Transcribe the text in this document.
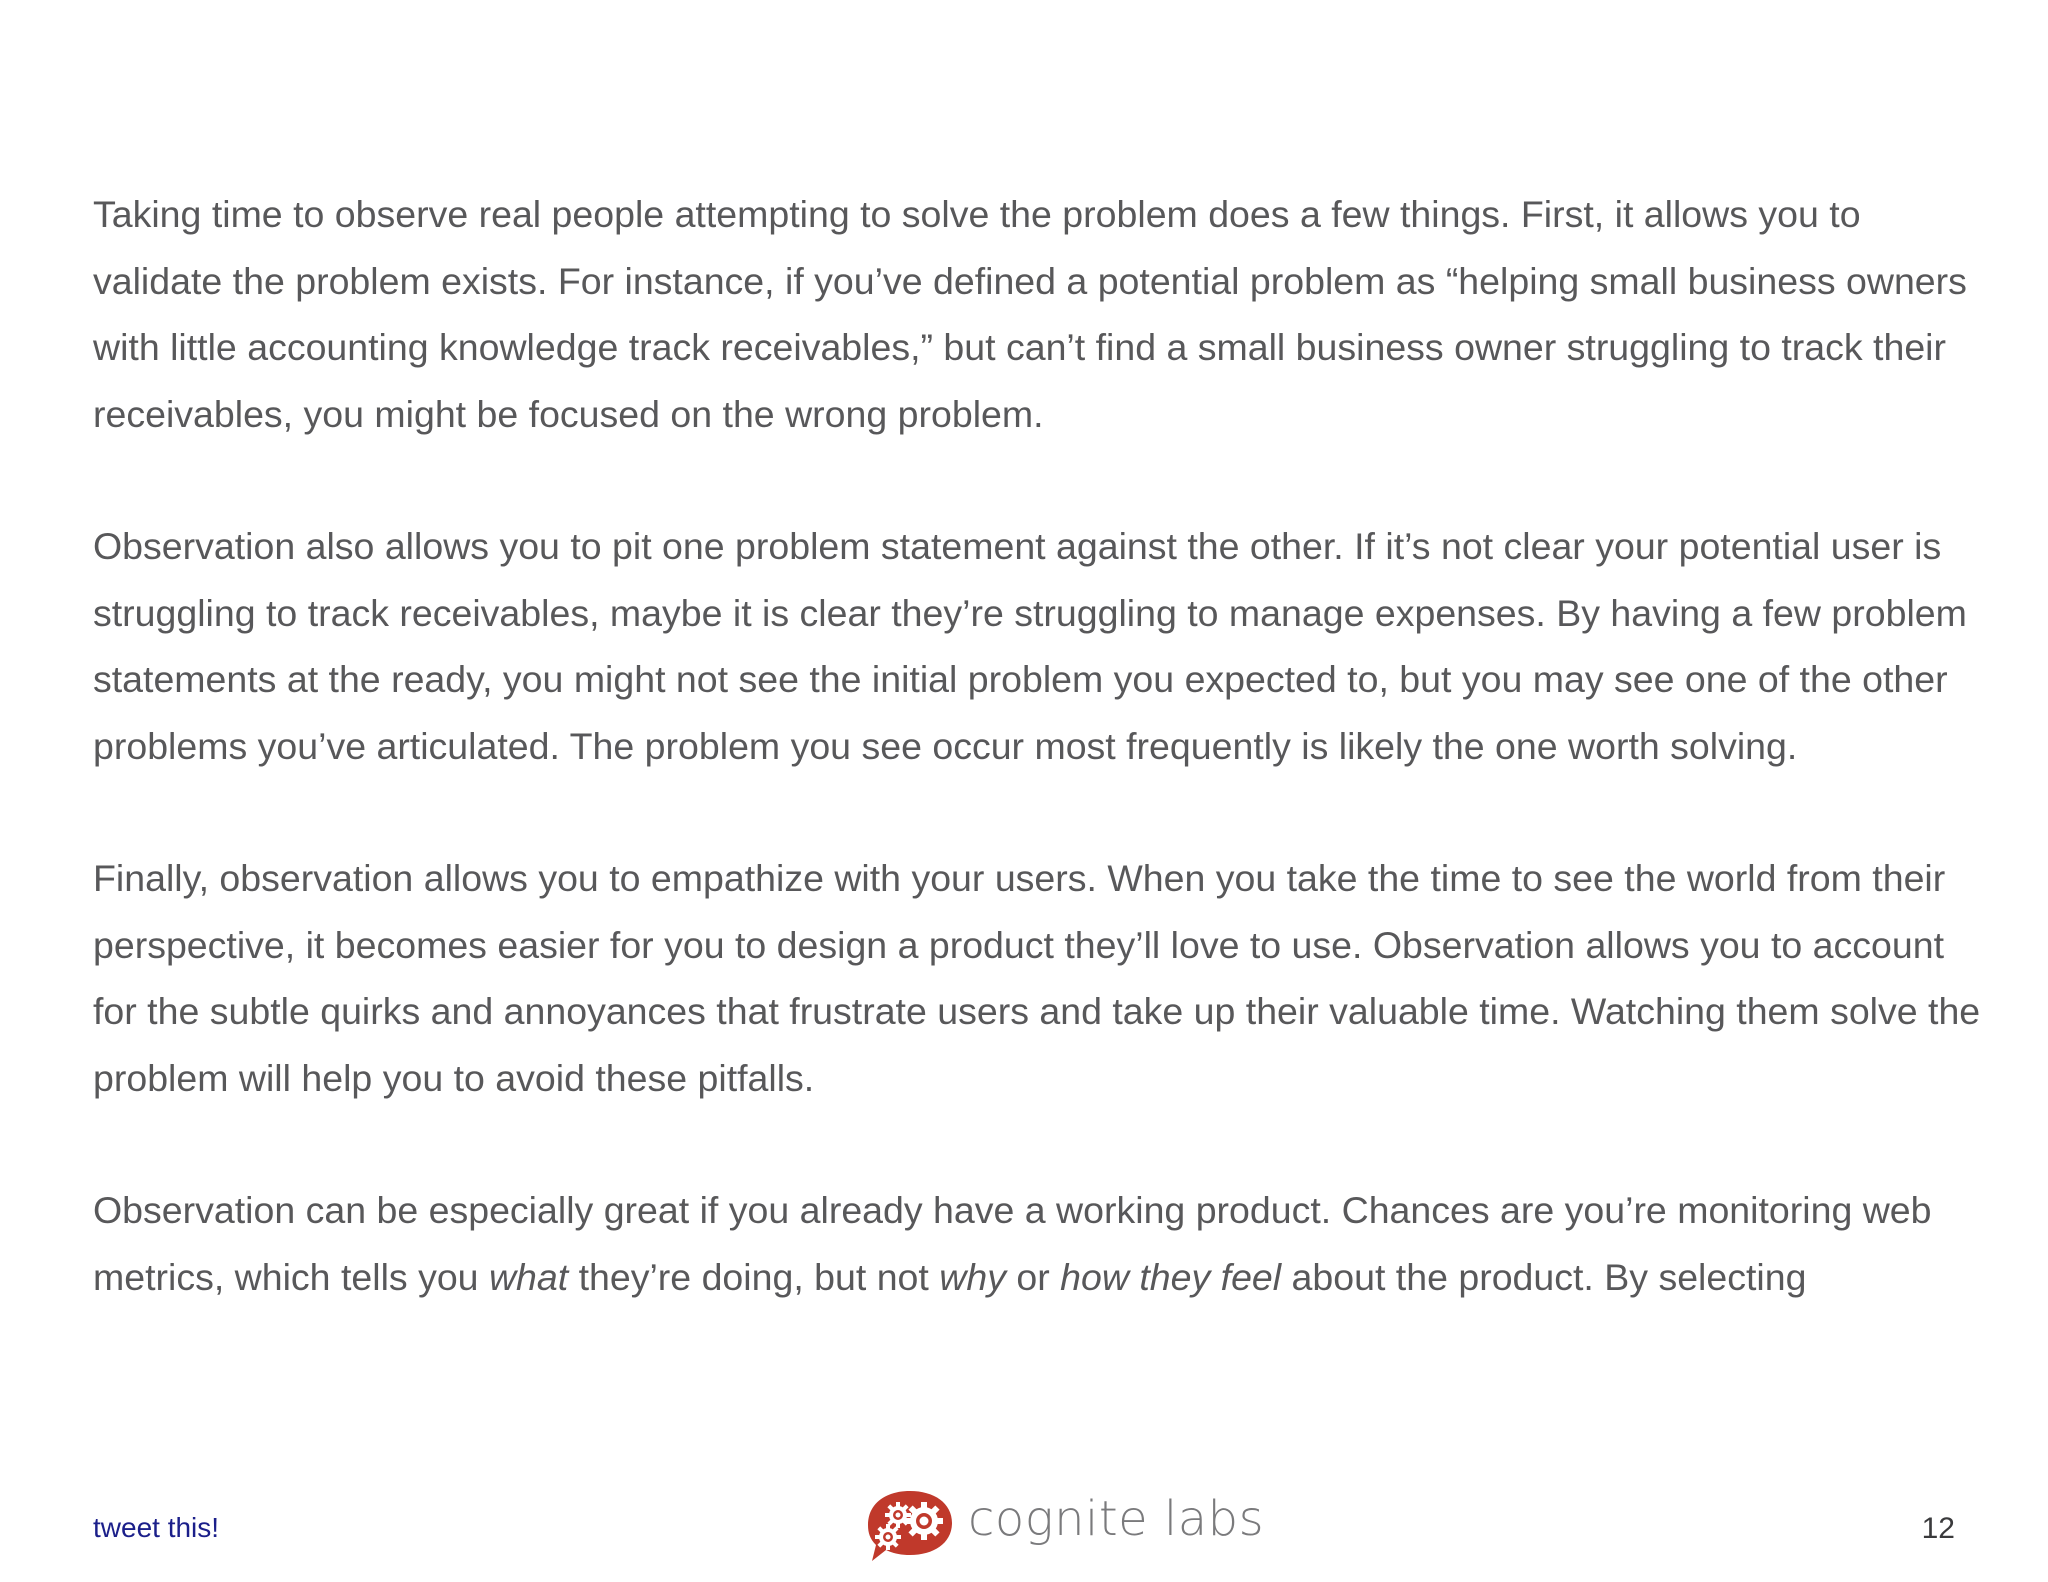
Taking time to observe real people attempting to solve the problem does a few things. First, it allows you to validate the problem exists. For instance, if you’ve defined a potential problem as “helping small business owners with little accounting knowledge track receivables,” but can’t find a small business owner struggling to track their receivables, you might be focused on the wrong problem.

Observation also allows you to pit one problem statement against the other. If it’s not clear your potential user is struggling to track receivables, maybe it is clear they’re struggling to manage expenses. By having a few problem statements at the ready, you might not see the initial problem you expected to, but you may see one of the other problems you’ve articulated. The problem you see occur most frequently is likely the one worth solving.

Finally, observation allows you to empathize with your users. When you take the time to see the world from their perspective, it becomes easier for you to design a product they’ll love to use. Observation allows you to account for the subtle quirks and annoyances that frustrate users and take up their valuable time. Watching them solve the problem will help you to avoid these pitfalls.

Observation can be especially great if you already have a working product. Chances are you’re monitoring web metrics, which tells you what they’re doing, but not why or how they feel about the product. By selecting

tweet this!	cognite labs	12
